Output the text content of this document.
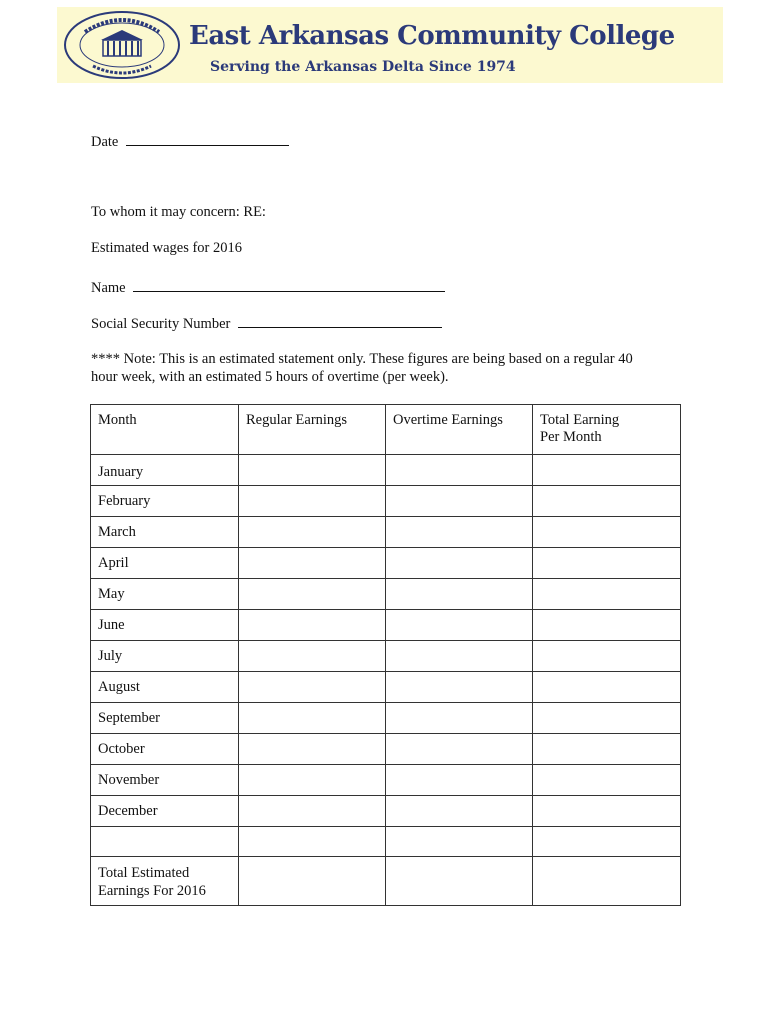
East Arkansas Community College
Serving the Arkansas Delta Since 1974
Date
To whom it may concern: RE:
Estimated wages for 2016
Name
Social Security Number
**** Note: This is an estimated statement only. These figures are being based on a regular 40
hour week, with an estimated 5 hours of overtime (per week).
Month	Regular Earnings	Overtime Earnings	Total Earning
Per Month

January			
February			
March			
April			
May			
June			
July			
August			
September			
October			
November			
December			

Total Estimated
Earnings For 2016			
